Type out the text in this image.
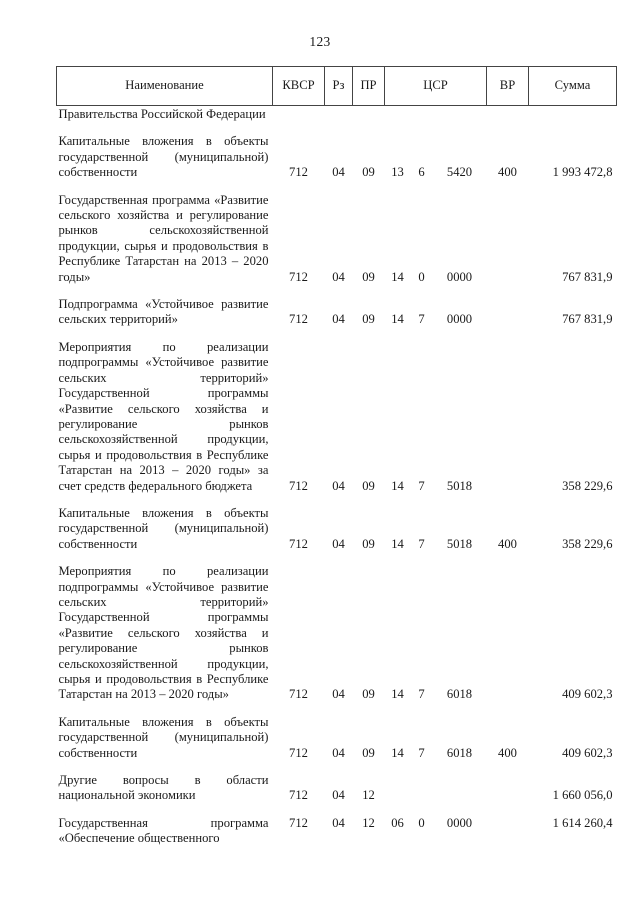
123
Наименование	КВСР	Рз	ПР	ЦСР			ВР	Сумма
Правительства Российской Федерации								
Капитальные вложения в объекты государственной (муниципальной) собственности	712	04	09	13	6	5420	400	1 993 472,8
Государственная программа «Развитие сельского хозяйства и регулирование рынков сельскохозяйственной продукции, сырья и продовольствия в Республике Татарстан на 2013 – 2020 годы»	712	04	09	14	0	0000		767 831,9
Подпрограмма «Устойчивое развитие сельских территорий»	712	04	09	14	7	0000		767 831,9
Мероприятия по реализации подпрограммы «Устойчивое развитие сельских территорий» Государственной программы «Развитие сельского хозяйства и регулирование рынков сельскохозяйственной продукции, сырья и продовольствия в Республике Татарстан на 2013 – 2020 годы» за счет средств федерального бюджета	712	04	09	14	7	5018		358 229,6
Капитальные вложения в объекты государственной (муниципальной) собственности	712	04	09	14	7	5018	400	358 229,6
Мероприятия по реализации подпрограммы «Устойчивое развитие сельских территорий» Государственной программы «Развитие сельского хозяйства и регулирование рынков сельскохозяйственной продукции, сырья и продовольствия в Республике Татарстан на 2013 – 2020 годы»	712	04	09	14	7	6018		409 602,3
Капитальные вложения в объекты государственной (муниципальной) собственности	712	04	09	14	7	6018	400	409 602,3
Другие вопросы в области национальной экономики	712	04	12					1 660 056,0
Государственная программа «Обеспечение общественного	712	04	12	06	0	0000		1 614 260,4
